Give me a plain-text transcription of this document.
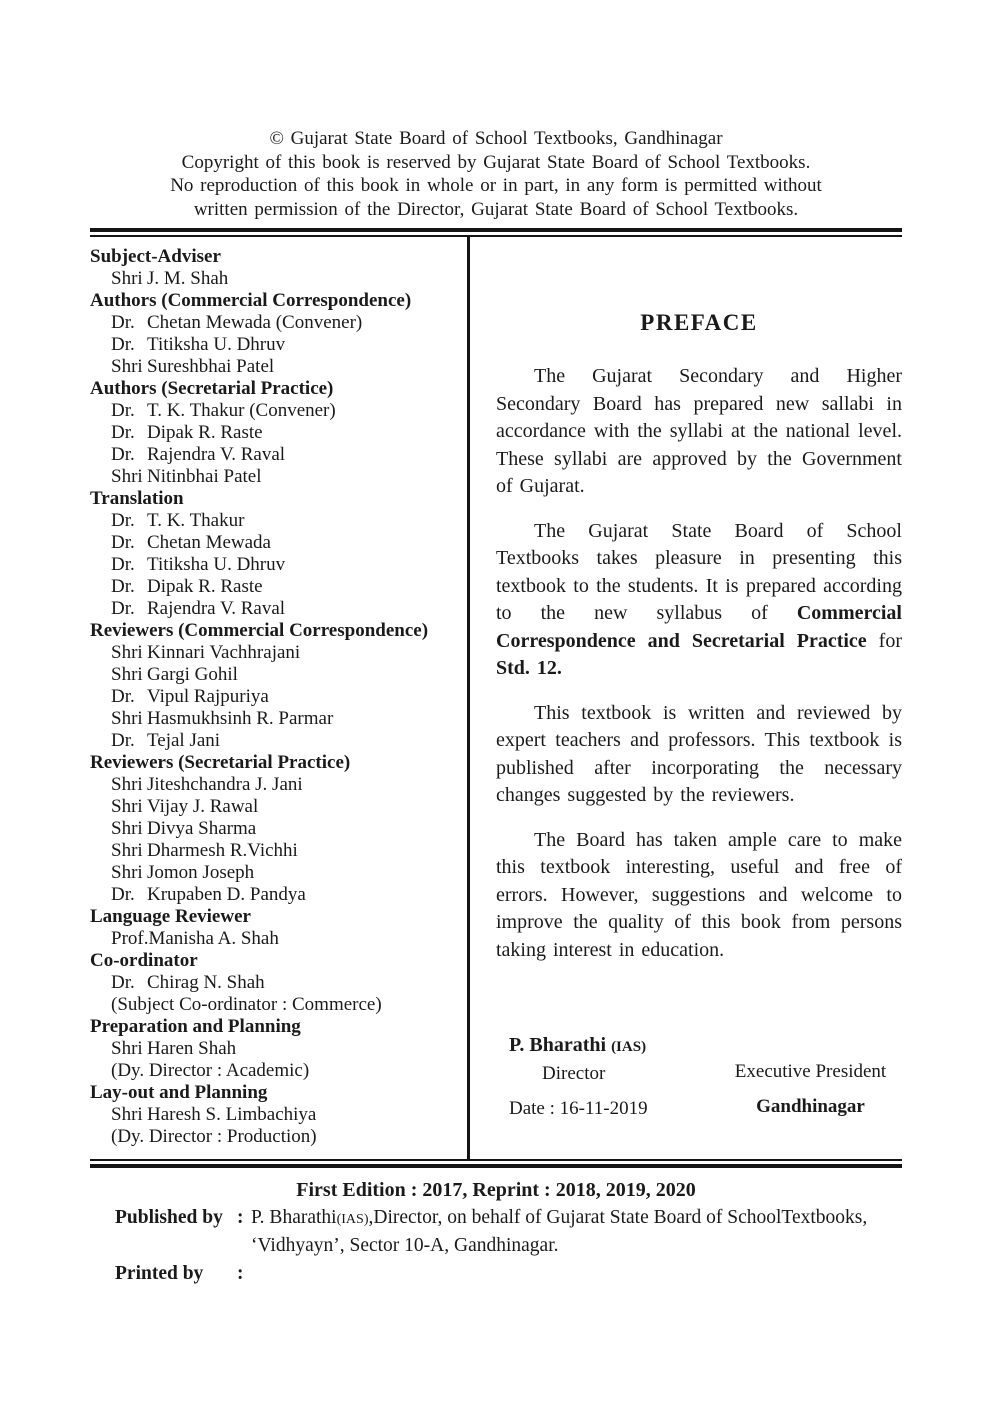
© Gujarat State Board of School Textbooks, Gandhinagar
Copyright of this book is reserved by Gujarat State Board of School Textbooks.
No reproduction of this book in whole or in part, in any form is permitted without
written permission of the Director, Gujarat State Board of School Textbooks.
Subject-Adviser
Shri J. M. Shah
Authors (Commercial Correspondence)
Dr. Chetan Mewada (Convener)
Dr. Titiksha U. Dhruv
Shri Sureshbhai Patel
Authors (Secretarial Practice)
Dr. T. K. Thakur (Convener)
Dr. Dipak R. Raste
Dr. Rajendra V. Raval
Shri Nitinbhai Patel
Translation
Dr. T. K. Thakur
Dr. Chetan Mewada
Dr. Titiksha U. Dhruv
Dr. Dipak R. Raste
Dr. Rajendra V. Raval
Reviewers (Commercial Correspondence)
Shri Kinnari Vachhrajani
Shri Gargi Gohil
Dr. Vipul Rajpuriya
Shri Hasmukhsinh R. Parmar
Dr. Tejal Jani
Reviewers (Secretarial Practice)
Shri Jiteshchandra J. Jani
Shri Vijay J. Rawal
Shri Divya Sharma
Shri Dharmesh R.Vichhi
Shri Jomon Joseph
Dr. Krupaben D. Pandya
Language Reviewer
Prof.Manisha A. Shah
Co-ordinator
Dr. Chirag N. Shah
(Subject Co-ordinator : Commerce)
Preparation and Planning
Shri Haren Shah
(Dy. Director : Academic)
Lay-out and Planning
Shri Haresh S. Limbachiya
(Dy. Director : Production)
PREFACE

The Gujarat Secondary and Higher Secondary Board has prepared new sallabi in accordance with the syllabi at the national level. These syllabi are approved by the Government of Gujarat.

The Gujarat State Board of School Textbooks takes pleasure in presenting this textbook to the students. It is prepared according to the new syllabus of Commercial Correspondence and Secretarial Practice for Std. 12.

This textbook is written and reviewed by expert teachers and professors. This textbook is published after incorporating the necessary changes suggested by the reviewers.

The Board has taken ample care to make this textbook interesting, useful and free of errors. However, suggestions and welcome to improve the quality of this book from persons taking interest in education.

P. Bharathi (IAS)
Director
Date : 16-11-2019
Executive President
Gandhinagar
First Edition : 2017, Reprint : 2018, 2019, 2020
Published by : P. Bharathi(IAS),Director, on behalf of Gujarat State Board of SchoolTextbooks,
‘Vidhyayn’, Sector 10-A, Gandhinagar.
Printed by	:
